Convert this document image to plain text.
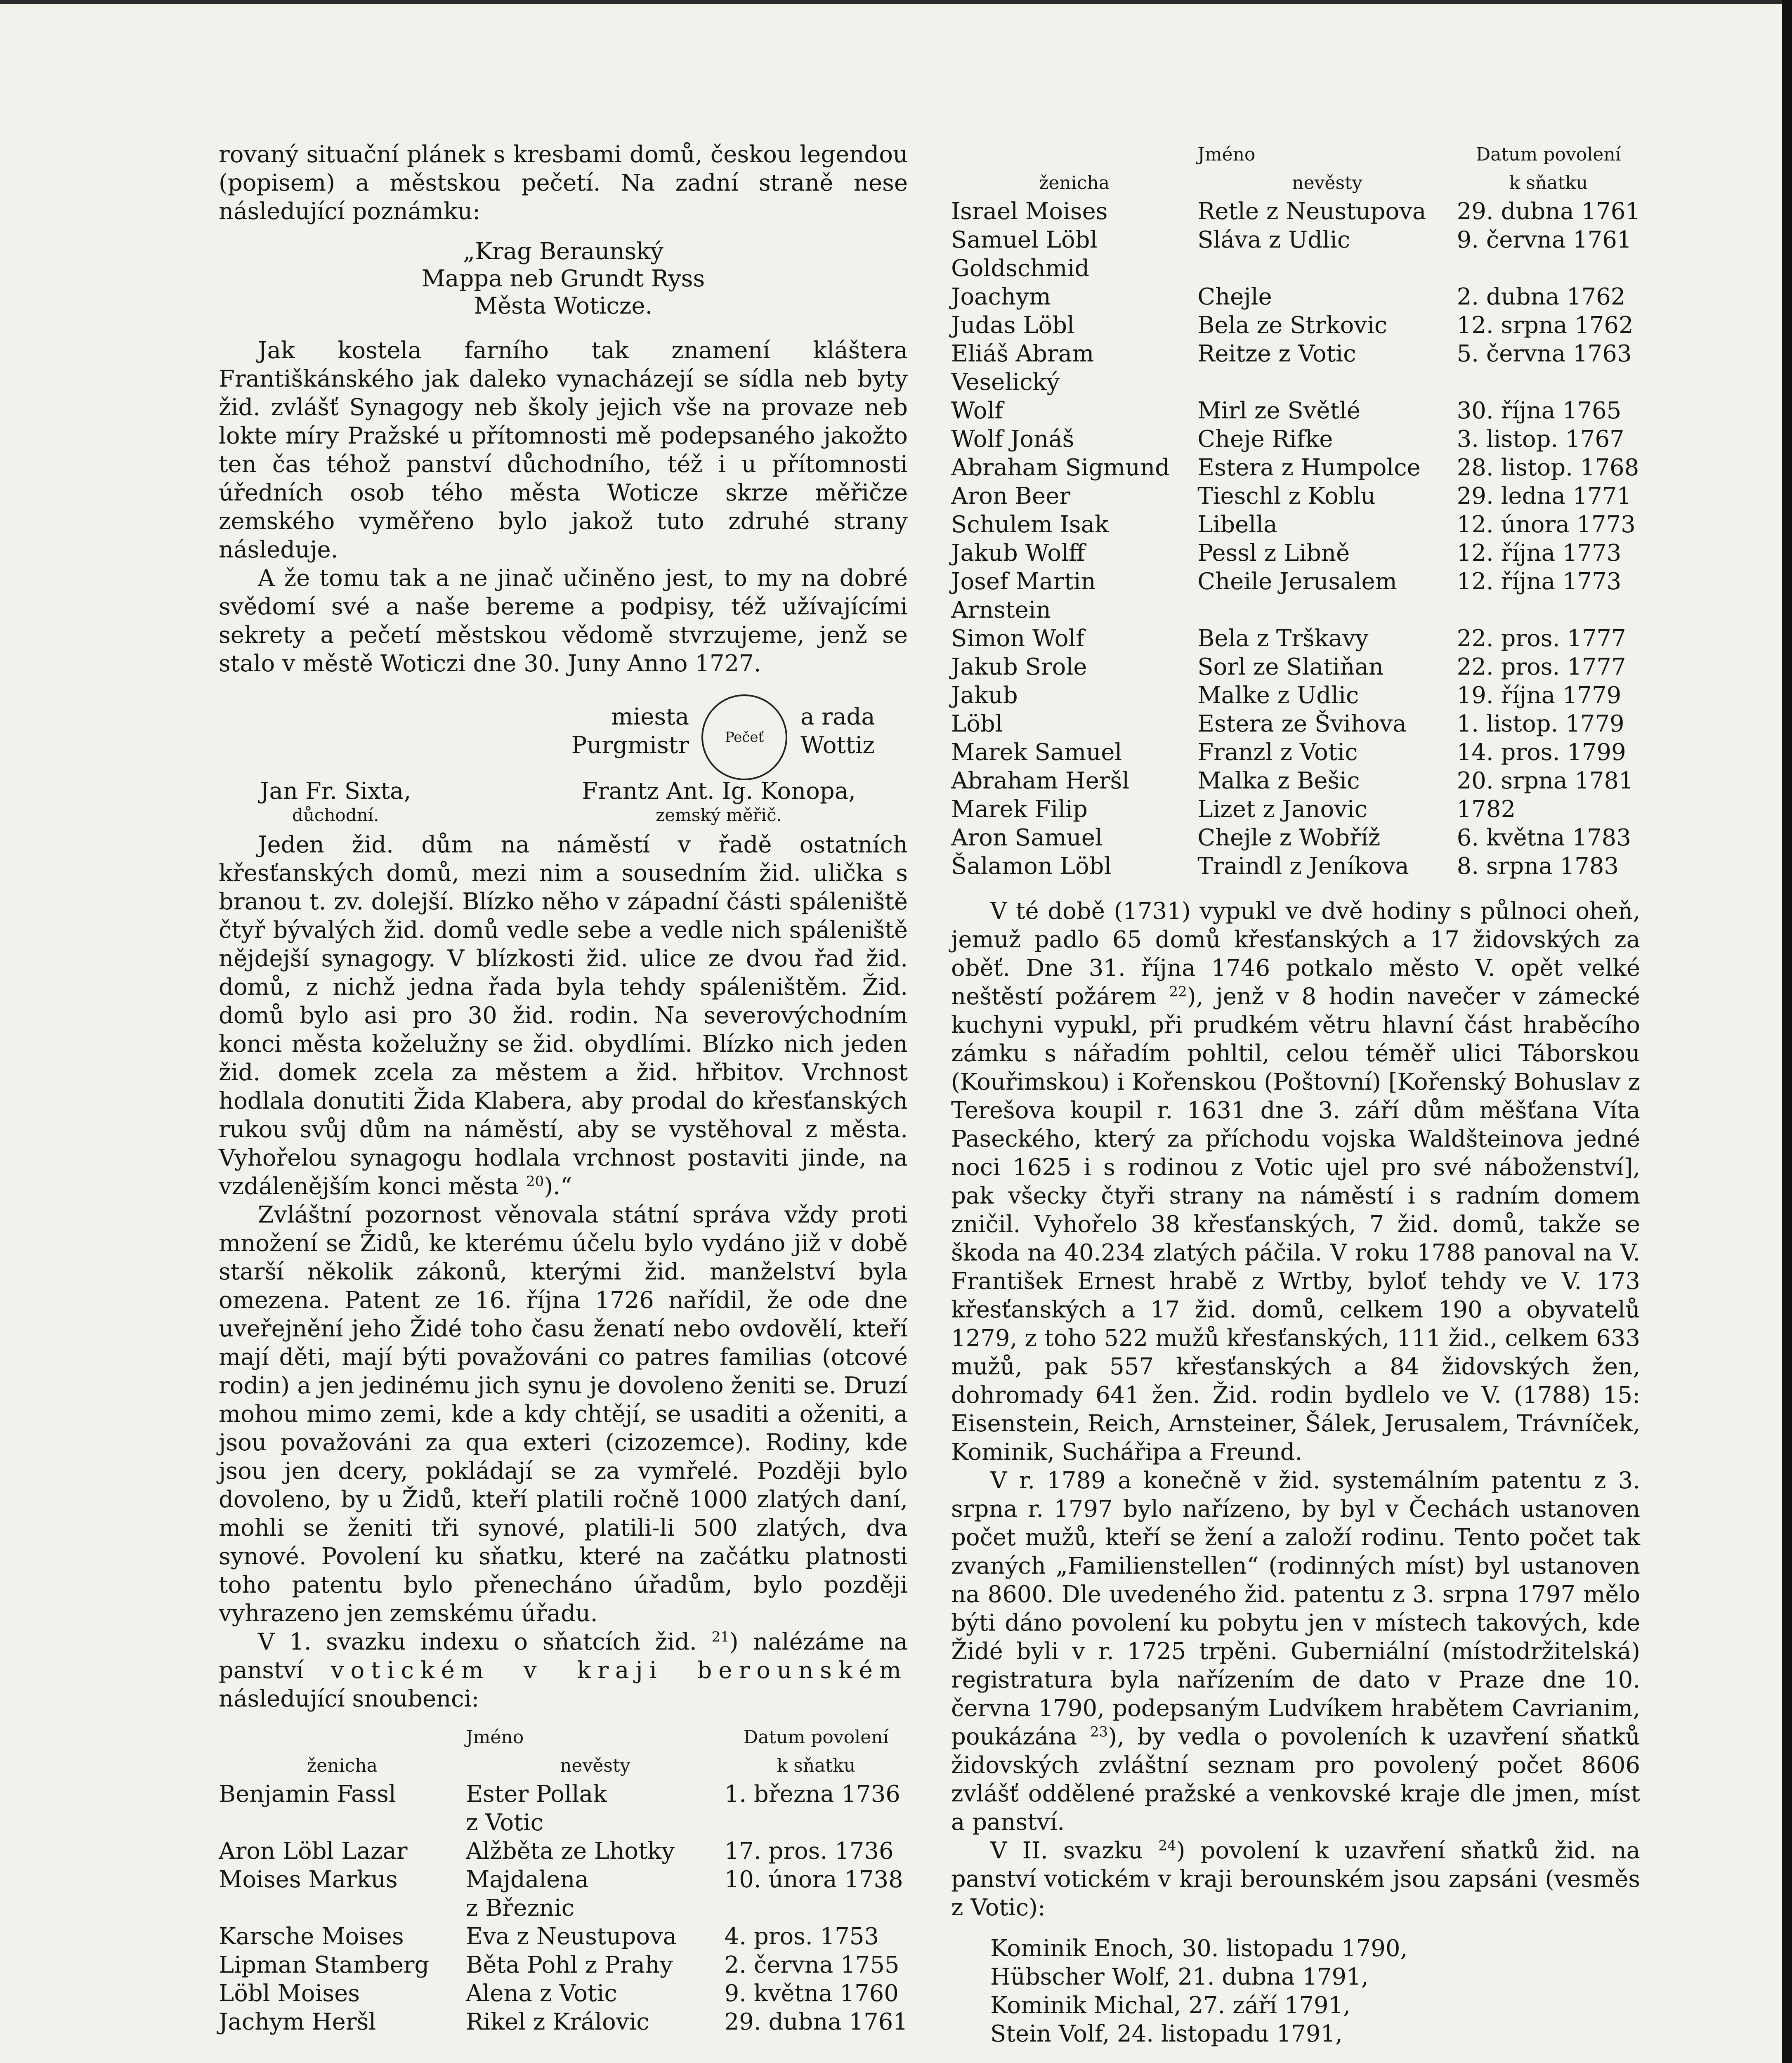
rovaný situační plánek s kresbami domů, českou legendou (popisem) a městskou pečetí. Na zadní straně nese následující poznámku:

„Krag Beraunský
Mappa neb Grundt Ryss
Města Woticze.

Jak kostela farního tak znamení kláštera Františkánského jak daleko vynacházejí se sídla neb byty žid. zvlášť Synagogy neb školy jejich vše na provaze neb lokte míry Pražské u přítomnosti mě podepsaného jakožto ten čas téhož panství důchodního, též i u přítomnosti úředních osob tého města Woticze skrze měřičze zemského vyměřeno bylo jakož tuto zdruhé strany následuje.

A že tomu tak a ne jinač učiněno jest, to my na dobré svědomí své a naše bereme a podpisy, též užívajícími sekrety a pečetí městskou vědomě stvrzujeme, jenž se stalo v městě Woticzi dne 30. Juny Anno 1727.

miesta
Purgmistr	Pečeť
a rada
Wottiz
Jan Fr. Sixta,
důchodní.
Frantz Ant. Ig. Konopa,
zemský měřič.

Jeden žid. dům na náměstí v řadě ostatních křesťanských domů, mezi nim a sousedním žid. uličkа s branou t. zv. dolejší. Blízko něho v západní části spáleniště čtyř bývalých žid. domů vedle sebe a vedle nich spáleniště nějdejší synagogy. V blízkosti žid. ulice ze dvou řad žid. domů, z nichž jedna řada byla tehdy spáleništěm. Žid. domů bylo asi pro 30 žid. rodin. Na severovýchodním konci města koželužny se žid. obydlími. Blízko nich jeden žid. domek zcela za městem a žid. hřbitov. Vrchnost hodlala donutiti Žida Klabera, aby prodal do křesťanských rukou svůj dům na náměstí, aby se vystěhoval z města. Vyhořelou synagogu hodlala vrchnost postaviti jinde, na vzdálenějším konci města $^{20}$).“

Zvláštní pozornost věnovala státní správa vždy proti množení se Židů, ke kterému účelu bylo vydáno již v době starší několik zákonů, kterými žid. manželství byla omezena. Patent ze 16. října 1726 nařídil, že ode dne uveřejnění jeho Židé toho času ženatí nebo ovdovělí, kteří mají děti, mají býti považováni co patres familias (otcové rodin) a jen jedinému jich synu je dovoleno ženiti se. Druzí mohou mimo zemi, kde a kdy chtějí, se usaditi a oženiti, a jsou považováni za qua exteri (cizozemce). Rodiny, kde jsou jen dcery, pokládají se za vymřelé. Později bylo dovoleno, by u Židů, kteří platili ročně 1000 zlatých daní, mohli se ženiti tři synové, platili-li 500 zlatých, dva synové. Povolení ku sňatku, které na začátku platnosti toho patentu bylo přenecháno úřadům, bylo později vyhrazeno jen zemskému úřadu.

V 1. svazku indexu o sňatcích žid. $^{21}$) nalézáme na panství votickém v kraji berounském následující snoubenci:

	Jméno	Datum povolení
ženicha	nevěsty	k sňatku
Benjamin Fassl	Ester Pollak	1. března 1736
	z Votic	
Aron Löbl Lazar	Alžběta ze Lhotky	17. pros. 1736
Moises Markus	Majdalena	10. února 1738
	z Březnic	
Karsche Moises	Eva z Neustupova	4. pros. 1753
Lipman Stamberg	Běta Pohl z Prahy	2. června 1755
Löbl Moises	Alena z Votic	9. května 1760
Jachym Heršl	Rikel z Královic	29. dubna 1761
	Jméno	Datum povolení
ženicha	nevěsty	k sňatku
Israel Moises	Retle z Neustupova	29. dubna 1761
Samuel Löbl	Sláva z Udlic	9. června 1761
Goldschmid		
Joachym	Chejle	2. dubna 1762
Judas Löbl	Bela ze Strkovic	12. srpna 1762
Eliáš Abram	Reitze z Votic	5. června 1763
Veselický		
Wolf	Mirl ze Světlé	30. října 1765
Wolf Jonáš	Cheje Rifke	3. listop. 1767
Abraham Sigmund	Estera z Humpolce	28. listop. 1768
Aron Beer	Tieschl z Koblu	29. ledna 1771
Schulem Isak	Libella	12. února 1773
Jakub Wolff	Pessl z Libně	12. října 1773
Josef Martin	Cheile Jerusalem	12. října 1773
Arnstein		
Simon Wolf	Bela z Trškavy	22. pros. 1777
Jakub Srole	Sorl ze Slatiňan	22. pros. 1777
Jakub	Malke z Udlic	19. října 1779
Löbl	Estera ze Švihova	1. listop. 1779
Marek Samuel	Franzl z Votic	14. pros. 1799
Abraham Heršl	Malka z Bešic	20. srpna 1781
Marek Filip	Lizet z Janovic	1782
Aron Samuel	Chejle z Wobříž	6. května 1783
Šalamon Löbl	Traindl z Jeníkova	8. srpna 1783

V té době (1731) vypukl ve dvě hodiny s půlnoci oheň, jemuž padlo 65 domů křesťanských a 17 židovských za oběť. Dne 31. října 1746 potkalo město V. opět velké neštěstí požárem $^{22}$), jenž v 8 hodin navečer v zámecké kuchyni vypukl, při prudkém větru hlavní část hraběcího zámku s nářadím pohltil, celou téměř ulici Táborskou (Kouřimskou) i Kořenskou (Poštovní) [Kořenský Bohuslav z Terešova koupil r. 1631 dne 3. září dům měšťana Víta Paseckého, který za příchodu vojska Waldšteinova jedné noci 1625 i s rodinou z Votic ujel pro své náboženství], pak všecky čtyři strany na náměstí i s radním domem zničil. Vyhořelo 38 křesťanských, 7 žid. domů, takže se škoda na 40.234 zlatých páčila. V roku 1788 panoval na V. František Ernest hrabě z Wrtby, byloť tehdy ve V. 173 křesťanských a 17 žid. domů, celkem 190 a obyvatelů 1279, z toho 522 mužů křesťanských, 111 žid., celkem 633 mužů, pak 557 křesťanských a 84 židovských žen, dohromady 641 žen. Žid. rodin bydlelo ve V. (1788) 15: Eisenstein, Reich, Arnsteiner, Šálek, Jerusalem, Trávníček, Kominik, Suchářipa a Freund.

V r. 1789 a konečně v žid. systemálním patentu z 3. srpna r. 1797 bylo nařízeno, by byl v Čechách ustanoven počet mužů, kteří se žení a založí rodinu. Tento počet tak zvaných „Familienstellen“ (rodinných míst) byl ustanoven na 8600. Dle uvedeného žid. patentu z 3. srpna 1797 mělo býti dáno povolení ku pobytu jen v místech takových, kde Židé byli v r. 1725 trpěni. Guberniální (místodržitelská) registratura byla nařízením de dato v Praze dne 10. června 1790, podepsaným Ludvíkem hrabětem Cavrianim, poukázána $^{23}$), by vedla o povoleních k uzavření sňatků židovských zvláštní seznam pro povolený počet 8606 zvlášť oddělené pražské a venkovské kraje dle jmen, míst a panství.

V II. svazku $^{24}$) povolení k uzavření sňatků žid. na panství votickém v kraji berounském jsou zapsáni (vesměs z Votic):

Kominik Enoch, 30. listopadu 1790,
Hübscher Wolf, 21. dubna 1791,
Kominik Michal, 27. září 1791,
Stein Volf, 24. listopadu 1791,
